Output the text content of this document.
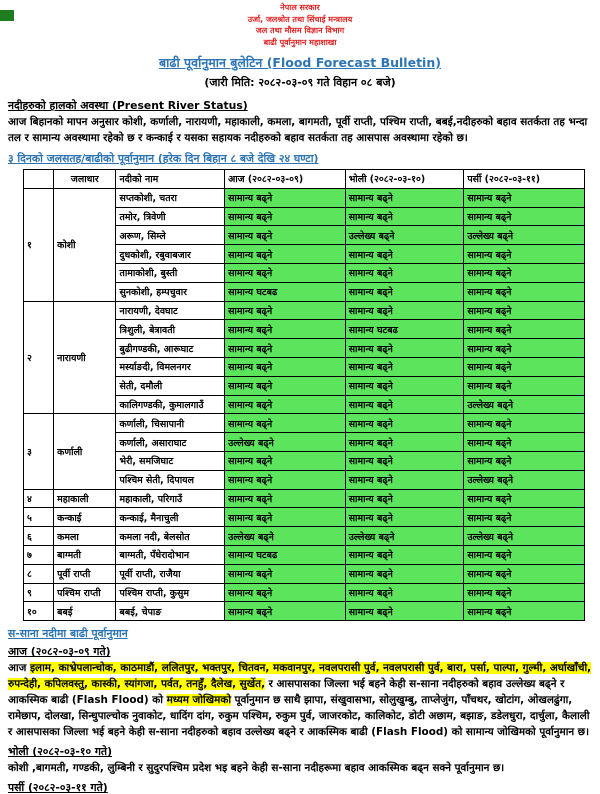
नेपाल सरकार
उर्जा, जलश्रोत तथा सिंचाई मन्त्रालय
जल तथा मौसम विज्ञान विभाग
बाढी पूर्वानुमान महाशाखा
बाढी पूर्वानुमान बुलेटिन (Flood Forecast Bulletin)
(जारी मिति: २०८२-०३-०९ गते विहान ०८ बजे)
नदीहरुको हालको अवस्था (Present River Status)
आज बिहानको मापन अनुसार कोशी, कर्णाली, नारायणी, महाकाली, कमला, बागमती, पूर्वी राप्ती, पश्चिम राप्ती, बबई,नदीहरुको बहाव सतर्कता तह भन्दा तल र सामान्य अवस्थामा रहेको छ र कन्काई र यसका सहायक नदीहरुको बहाव सतर्कता तह आसपास अवस्थामा रहेको छ।
३ दिनको जलसतह/बाढीको पूर्वानुमान (हरेक दिन बिहान ८ बजे देखि २४ घण्टा)
	जलाधार	नदीको नाम	आज (२०८२-०३-०९)	भोली (२०८२-०३-१०)	पर्सी (२०८२-०३-११)
१	कोशी	सप्तकोशी, चतरा	सामान्य बढ्ने	सामान्य बढ्ने	सामान्य बढ्ने
		तमोर, त्रिवेणी	सामान्य बढ्ने	सामान्य बढ्ने	सामान्य बढ्ने
		अरूण, सिम्ले	सामान्य बढ्ने	उल्लेख्य बढ्ने	उल्लेख्य बढ्ने
		दुधकोशी, रबुवाबजार	सामान्य बढ्ने	सामान्य बढ्ने	सामान्य बढ्ने
		तामाकोशी, बुस्ती	सामान्य बढ्ने	सामान्य बढ्ने	सामान्य बढ्ने
		सुनकोशी, हम्पचुवार	सामान्य घटबढ	सामान्य बढ्ने	सामान्य बढ्ने
२	नारायणी	नारायणी, देवघाट	सामान्य बढ्ने	सामान्य बढ्ने	सामान्य बढ्ने
		त्रिशुली, बेत्रावती	सामान्य बढ्ने	सामान्य घटबढ	सामान्य बढ्ने
		बुढीगण्डकी, आरूघाट	सामान्य बढ्ने	सामान्य बढ्ने	सामान्य बढ्ने
		मर्स्याङदी, विमलनगर	सामान्य बढ्ने	सामान्य बढ्ने	सामान्य बढ्ने
		सेती, दमौली	सामान्य बढ्ने	सामान्य बढ्ने	सामान्य बढ्ने
		कालिगण्डकी, कुमालगाउँ	सामान्य बढ्ने	सामान्य बढ्ने	उल्लेख्य बढ्ने
३	कर्णाली	कर्णाली, चिसापानी	सामान्य बढ्ने	सामान्य बढ्ने	सामान्य बढ्ने
		कर्णाली, असाराघाट	उल्लेख्य बढ्ने	सामान्य बढ्ने	सामान्य बढ्ने
		भेरी, समजिघाट	सामान्य बढ्ने	सामान्य बढ्ने	सामान्य बढ्ने
		पश्चिम सेती, दिपायल	सामान्य बढ्ने	सामान्य बढ्ने	उल्लेख्य बढ्ने
४	महाकाली	महाकाली, परिगाउँ	सामान्य बढ्ने	सामान्य बढ्ने	सामान्य बढ्ने
५	कन्काई	कन्काई, मैनाचुली	सामान्य बढ्ने	सामान्य बढ्ने	सामान्य बढ्ने
६	कमला	कमला नदी, बेलसोत	उल्लेख्य बढ्ने	उल्लेख्य बढ्ने	उल्लेख्य बढ्ने
७	बाग्मती	बाग्मती, पँधेरादोभान	सामान्य घटबढ	सामान्य बढ्ने	सामान्य बढ्ने
८	पूर्वी राप्ती	पूर्वी राप्ती, राजैया	सामान्य बढ्ने	सामान्य बढ्ने	सामान्य बढ्ने
९	पश्चिम राप्ती	पश्चिम राप्ती, कुसुम	सामान्य बढ्ने	सामान्य बढ्ने	सामान्य बढ्ने
१०	बबई	बबई, चेपाङ	सामान्य बढ्ने	सामान्य बढ्ने	सामान्य बढ्ने
स-साना नदीमा बाढी पूर्वानुमान
आज (२०८२-०३-०९ गते)
आज इलाम, काभ्रेपलान्चोक, काठमाडौं, ललितपुर, भक्तपुर, चितवन, मकवानपुर, नवलपरासी पुर्व, नवलपरासी पुर्व, बारा, पर्सा, पाल्पा, गुल्मी, अर्घाखाँची, रुपन्देही, कपिलवस्तु, कास्की, स्यांगजा, पर्वत, तनहुँ, दैलेख, सुर्खेत, र आसपासका जिल्ला भई बहने केही स-साना नदीहरुको बहाव उल्लेख्य बढ्ने र आकस्मिक बाढी (Flash Flood) को मध्यम जोखिमको पूर्वानुमान छ साथै झापा, संखुवासभा, सोलुखुम्बु, ताप्लेजुंग, पाँचथर, खोटांग, ओखलढुंगा, रामेछाप, दोलखा, सिन्धुपाल्चोक नुवाकोट, धादिंग दांग, रुकुम पश्चिम, रुकुम पुर्व, जाजरकोट, कालिकोट, डोटी अछाम, बझाङ, डडेलधुरा, दार्चुला, कैलाली र आसपासका जिल्ला भई बहने केही स-साना नदीहरुको बहाव उल्लेख्य बढ्ने र आकस्मिक बाढी (Flash Flood) को सामान्य जोखिमको पूर्वानुमान छ।
भोली (२०८२-०३-१० गते)
कोशी ,बागमती, गण्डकी, लुम्बिनी र सुदुरपश्चिम प्रदेश भइ बहने केही स-साना नदीहरूमा बहाव आकस्मिक बढ्न सक्ने पूर्वानुमान छ।
पर्सी (२०८२-०३-११ गते)
